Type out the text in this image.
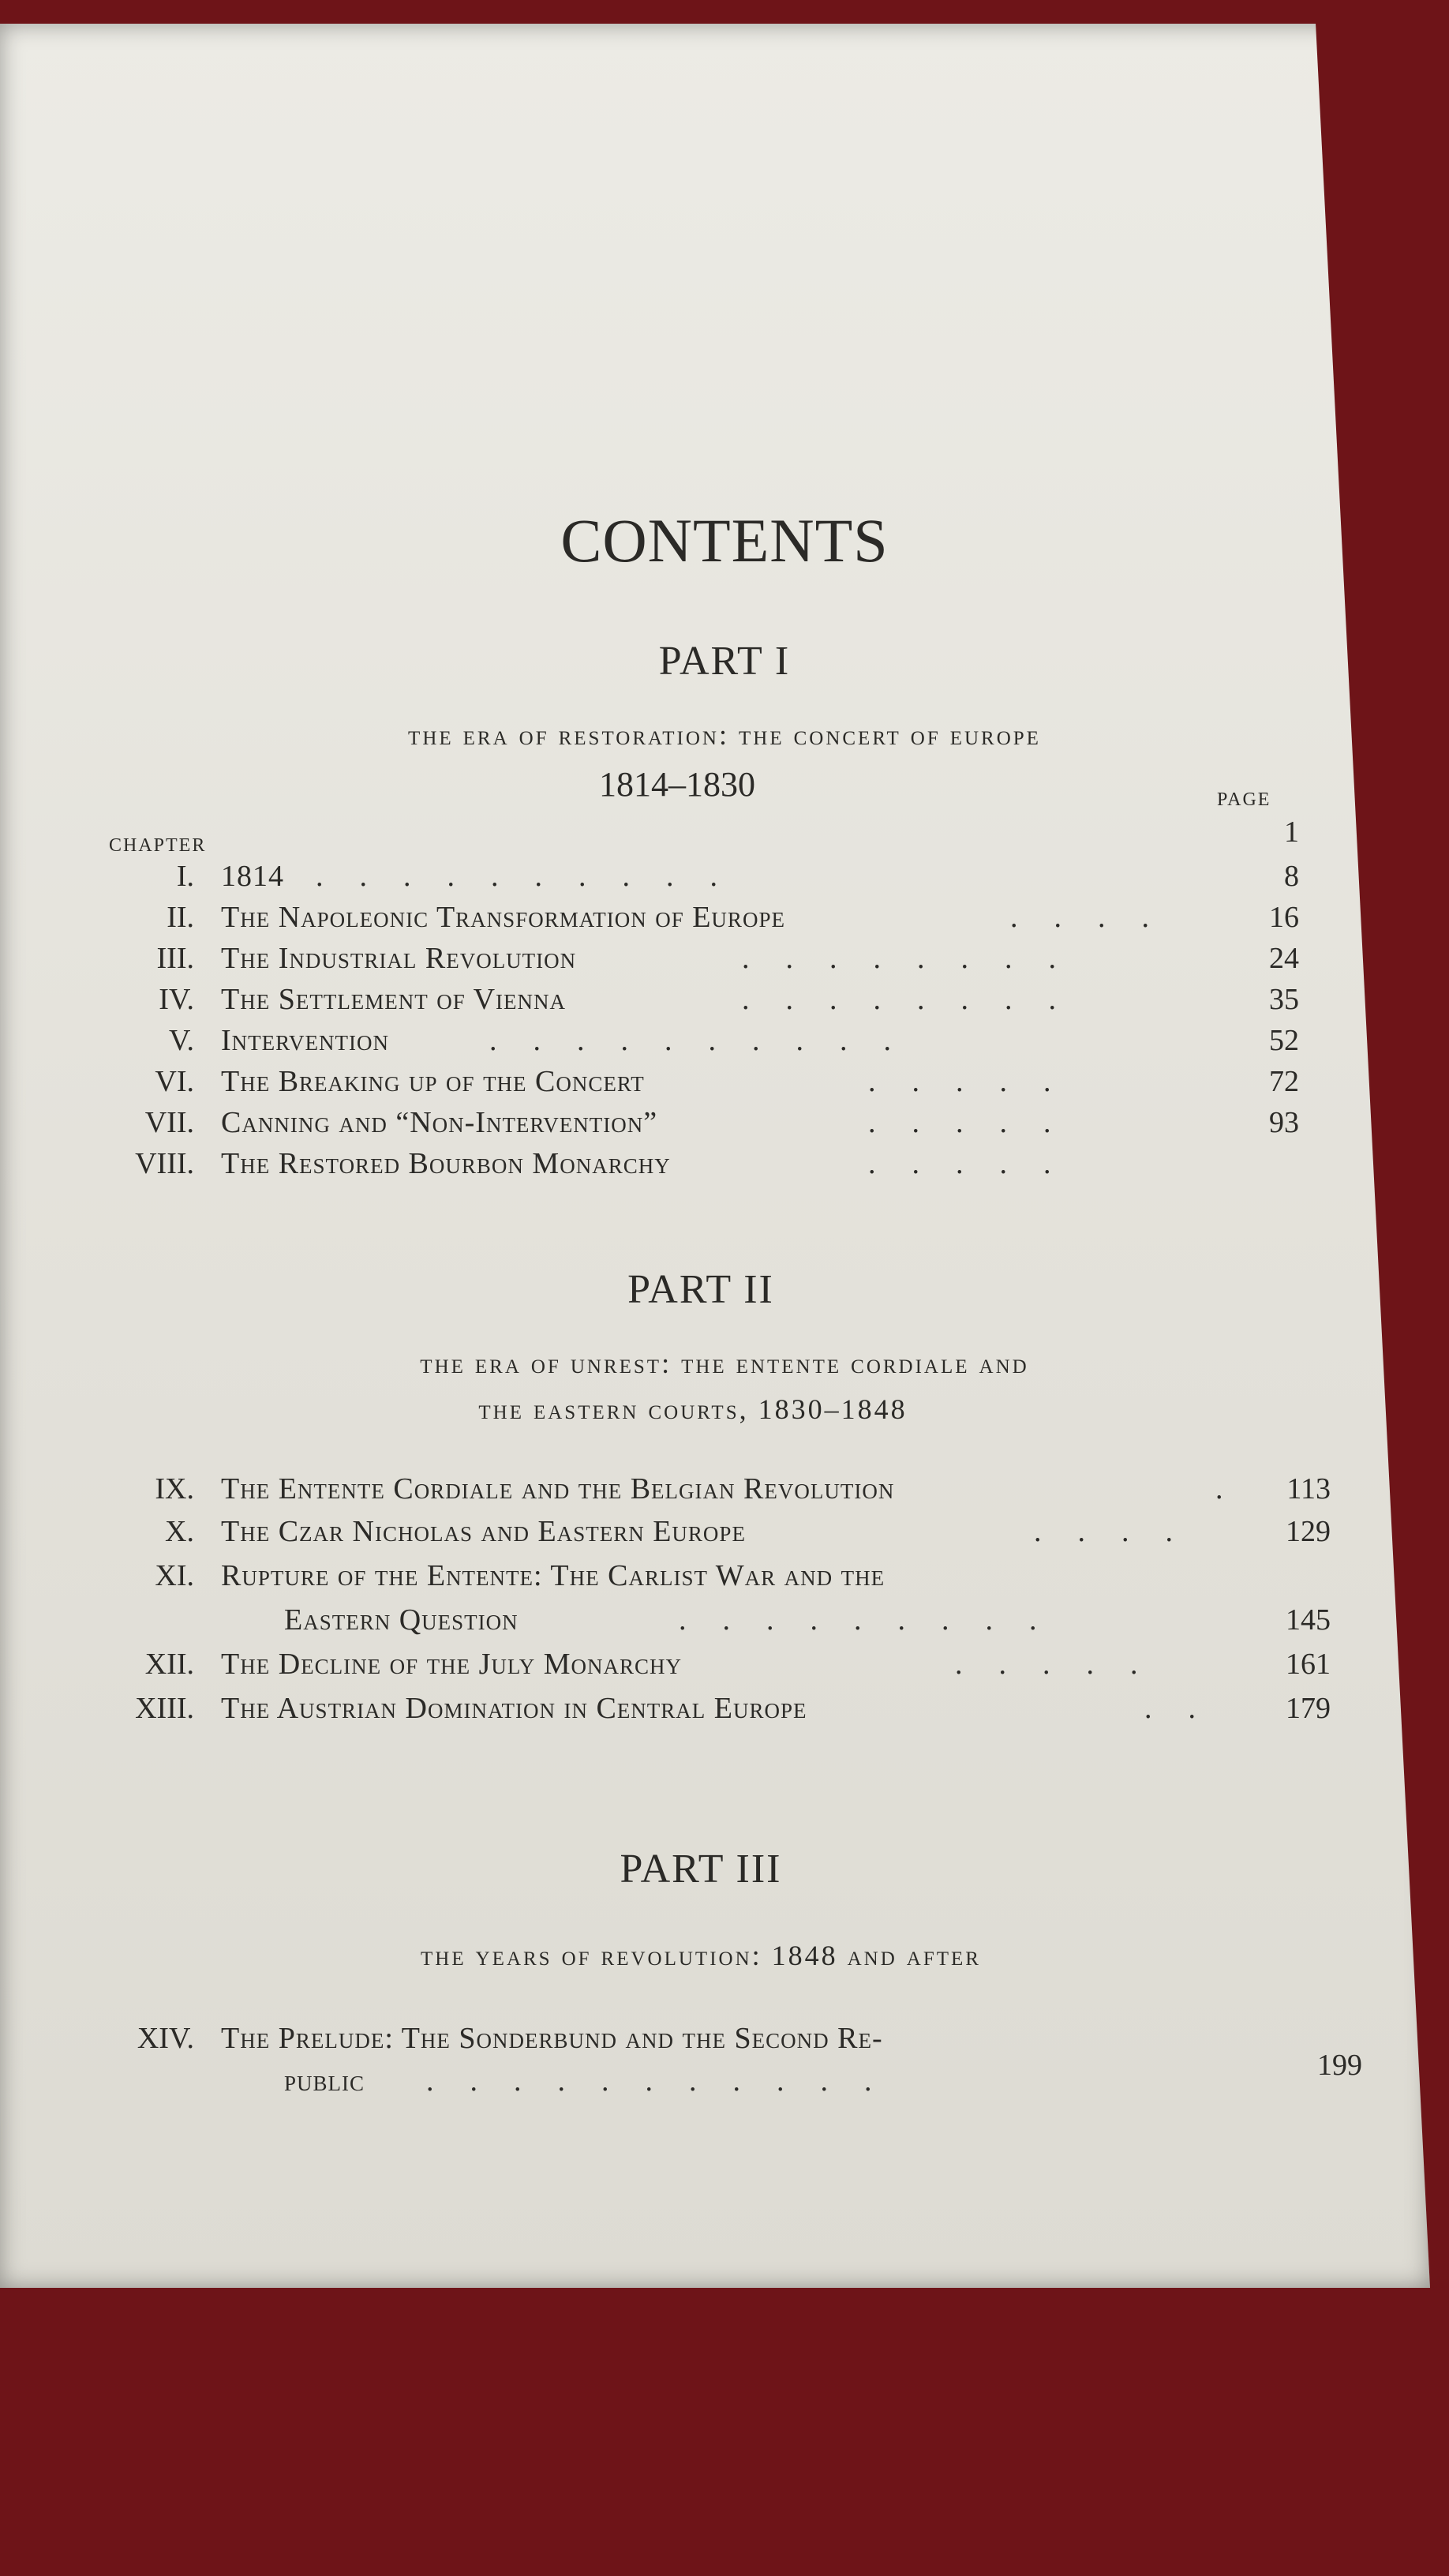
CONTENTS
PART I
the era of restoration: the concert of europe
1814–1830	PAGE
CHAPTER	1
I. 1814 ..........	8
II. The Napoleonic Transformation of Europe	....	16
III. The Industrial Revolution	........	24
IV. The Settlement of Vienna	........	35
V. Intervention	..........	52
VI. The Breaking up of the Concert	.....	72
VII. Canning and “Non-Intervention”	.....	93
VIII. The Restored Bourbon Monarchy	.....
PART II
the era of unrest: the entente cordiale and
the eastern courts, 1830–1848
IX. The Entente Cordiale and the Belgian Revolution	. 113
X. The Czar Nicholas and Eastern Europe	....	129
XI. Rupture of the Entente: The Carlist War and the
Eastern Question	.........	145
XII. The Decline of the July Monarchy	.....	161
XIII. The Austrian Domination in Central Europe	.. 179
PART III
the years of revolution: 1848 and after
XIV. The Prelude: The Sonderbund and the Second Re-
public ...........	199
